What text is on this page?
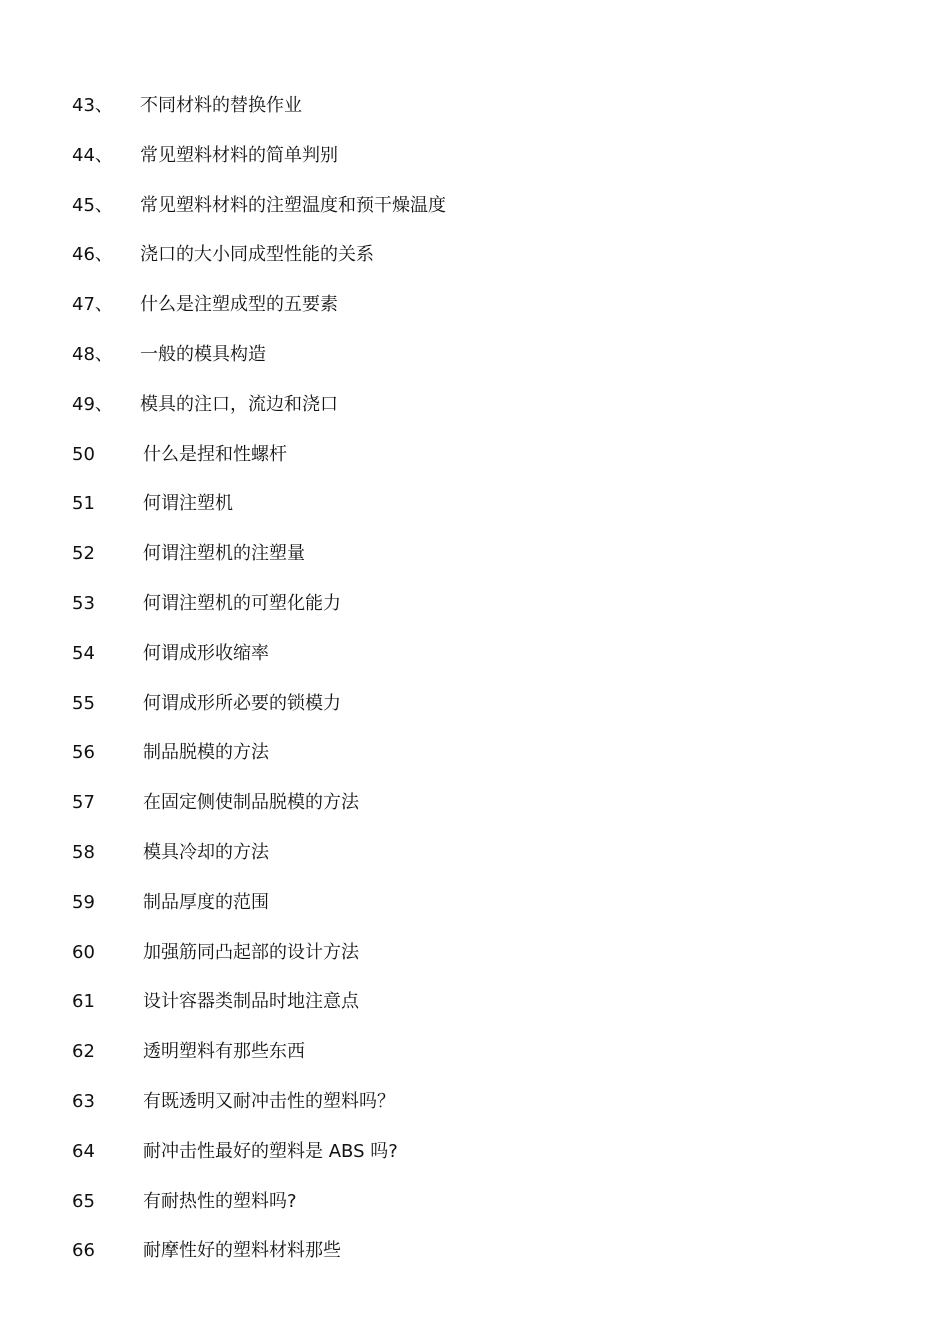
43、 不同材料的替换作业
44、 常见塑料材料的简单判别
45、 常见塑料材料的注塑温度和预干燥温度
46、 浇口的大小同成型性能的关系
47、 什么是注塑成型的五要素
48、 一般的模具构造
49、 模具的注口，流边和浇口
50	什么是捏和性螺杆
51	何谓注塑机
52	何谓注塑机的注塑量
53	何谓注塑机的可塑化能力
54	何谓成形收缩率
55	何谓成形所必要的锁模力
56	制品脱模的方法
57	在固定侧使制品脱模的方法
58	模具冷却的方法
59	制品厚度的范围
60	加强筋同凸起部的设计方法
61	设计容器类制品时地注意点
62	透明塑料有那些东西
63	有既透明又耐冲击性的塑料吗？
64	耐冲击性最好的塑料是 ABS 吗?
65	有耐热性的塑料吗?
66	耐摩性好的塑料材料那些
